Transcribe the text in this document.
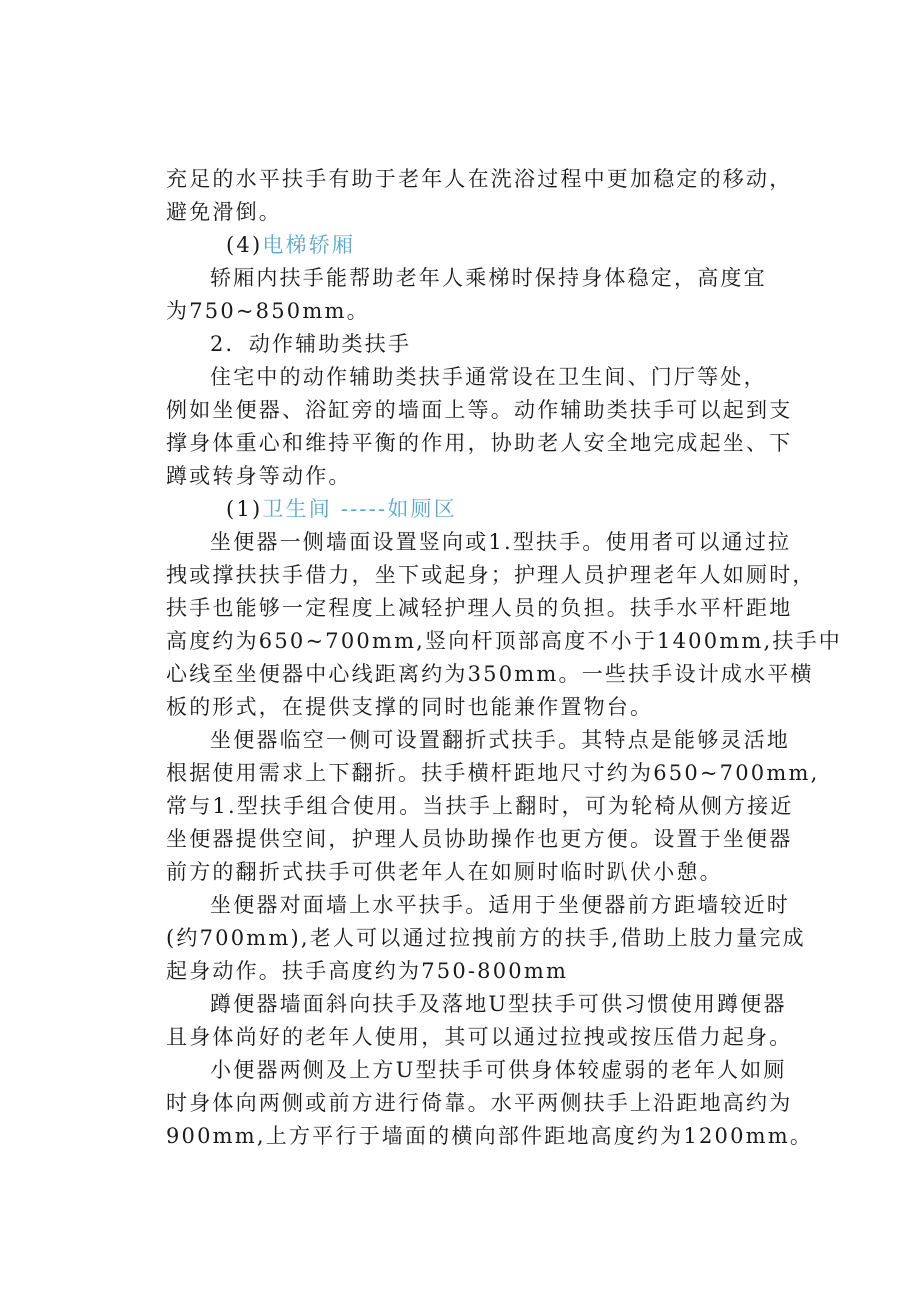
充足的水平扶手有助于老年人在洗浴过程中更加稳定的移动，
避免滑倒。
(4)电梯轿厢
轿厢内扶手能帮助老年人乘梯时保持身体稳定，高度宜
为750~850mm。
2．动作辅助类扶手
住宅中的动作辅助类扶手通常设在卫生间、门厅等处，
例如坐便器、浴缸旁的墙面上等。动作辅助类扶手可以起到支
撑身体重心和维持平衡的作用，协助老人安全地完成起坐、下
蹲或转身等动作。
(1)卫生间 -----如厕区
坐便器一侧墙面设置竖向或1.型扶手。使用者可以通过拉
拽或撑扶扶手借力，坐下或起身；护理人员护理老年人如厕时，
扶手也能够一定程度上减轻护理人员的负担。扶手水平杆距地
高度约为650~700mm,竖向杆顶部高度不小于1400mm,扶手中
心线至坐便器中心线距离约为350mm。一些扶手设计成水平横
板的形式，在提供支撑的同时也能兼作置物台。
坐便器临空一侧可设置翻折式扶手。其特点是能够灵活地
根据使用需求上下翻折。扶手横杆距地尺寸约为650~700mm,
常与1.型扶手组合使用。当扶手上翻时，可为轮椅从侧方接近
坐便器提供空间，护理人员协助操作也更方便。设置于坐便器
前方的翻折式扶手可供老年人在如厕时临时趴伏小憩。
坐便器对面墙上水平扶手。适用于坐便器前方距墙较近时
(约700mm),老人可以通过拉拽前方的扶手,借助上肢力量完成
起身动作。扶手高度约为750-800mm
蹲便器墙面斜向扶手及落地U型扶手可供习惯使用蹲便器
且身体尚好的老年人使用，其可以通过拉拽或按压借力起身。
小便器两侧及上方U型扶手可供身体较虚弱的老年人如厕
时身体向两侧或前方进行倚靠。水平两侧扶手上沿距地高约为
900mm,上方平行于墙面的横向部件距地高度约为1200mm。
